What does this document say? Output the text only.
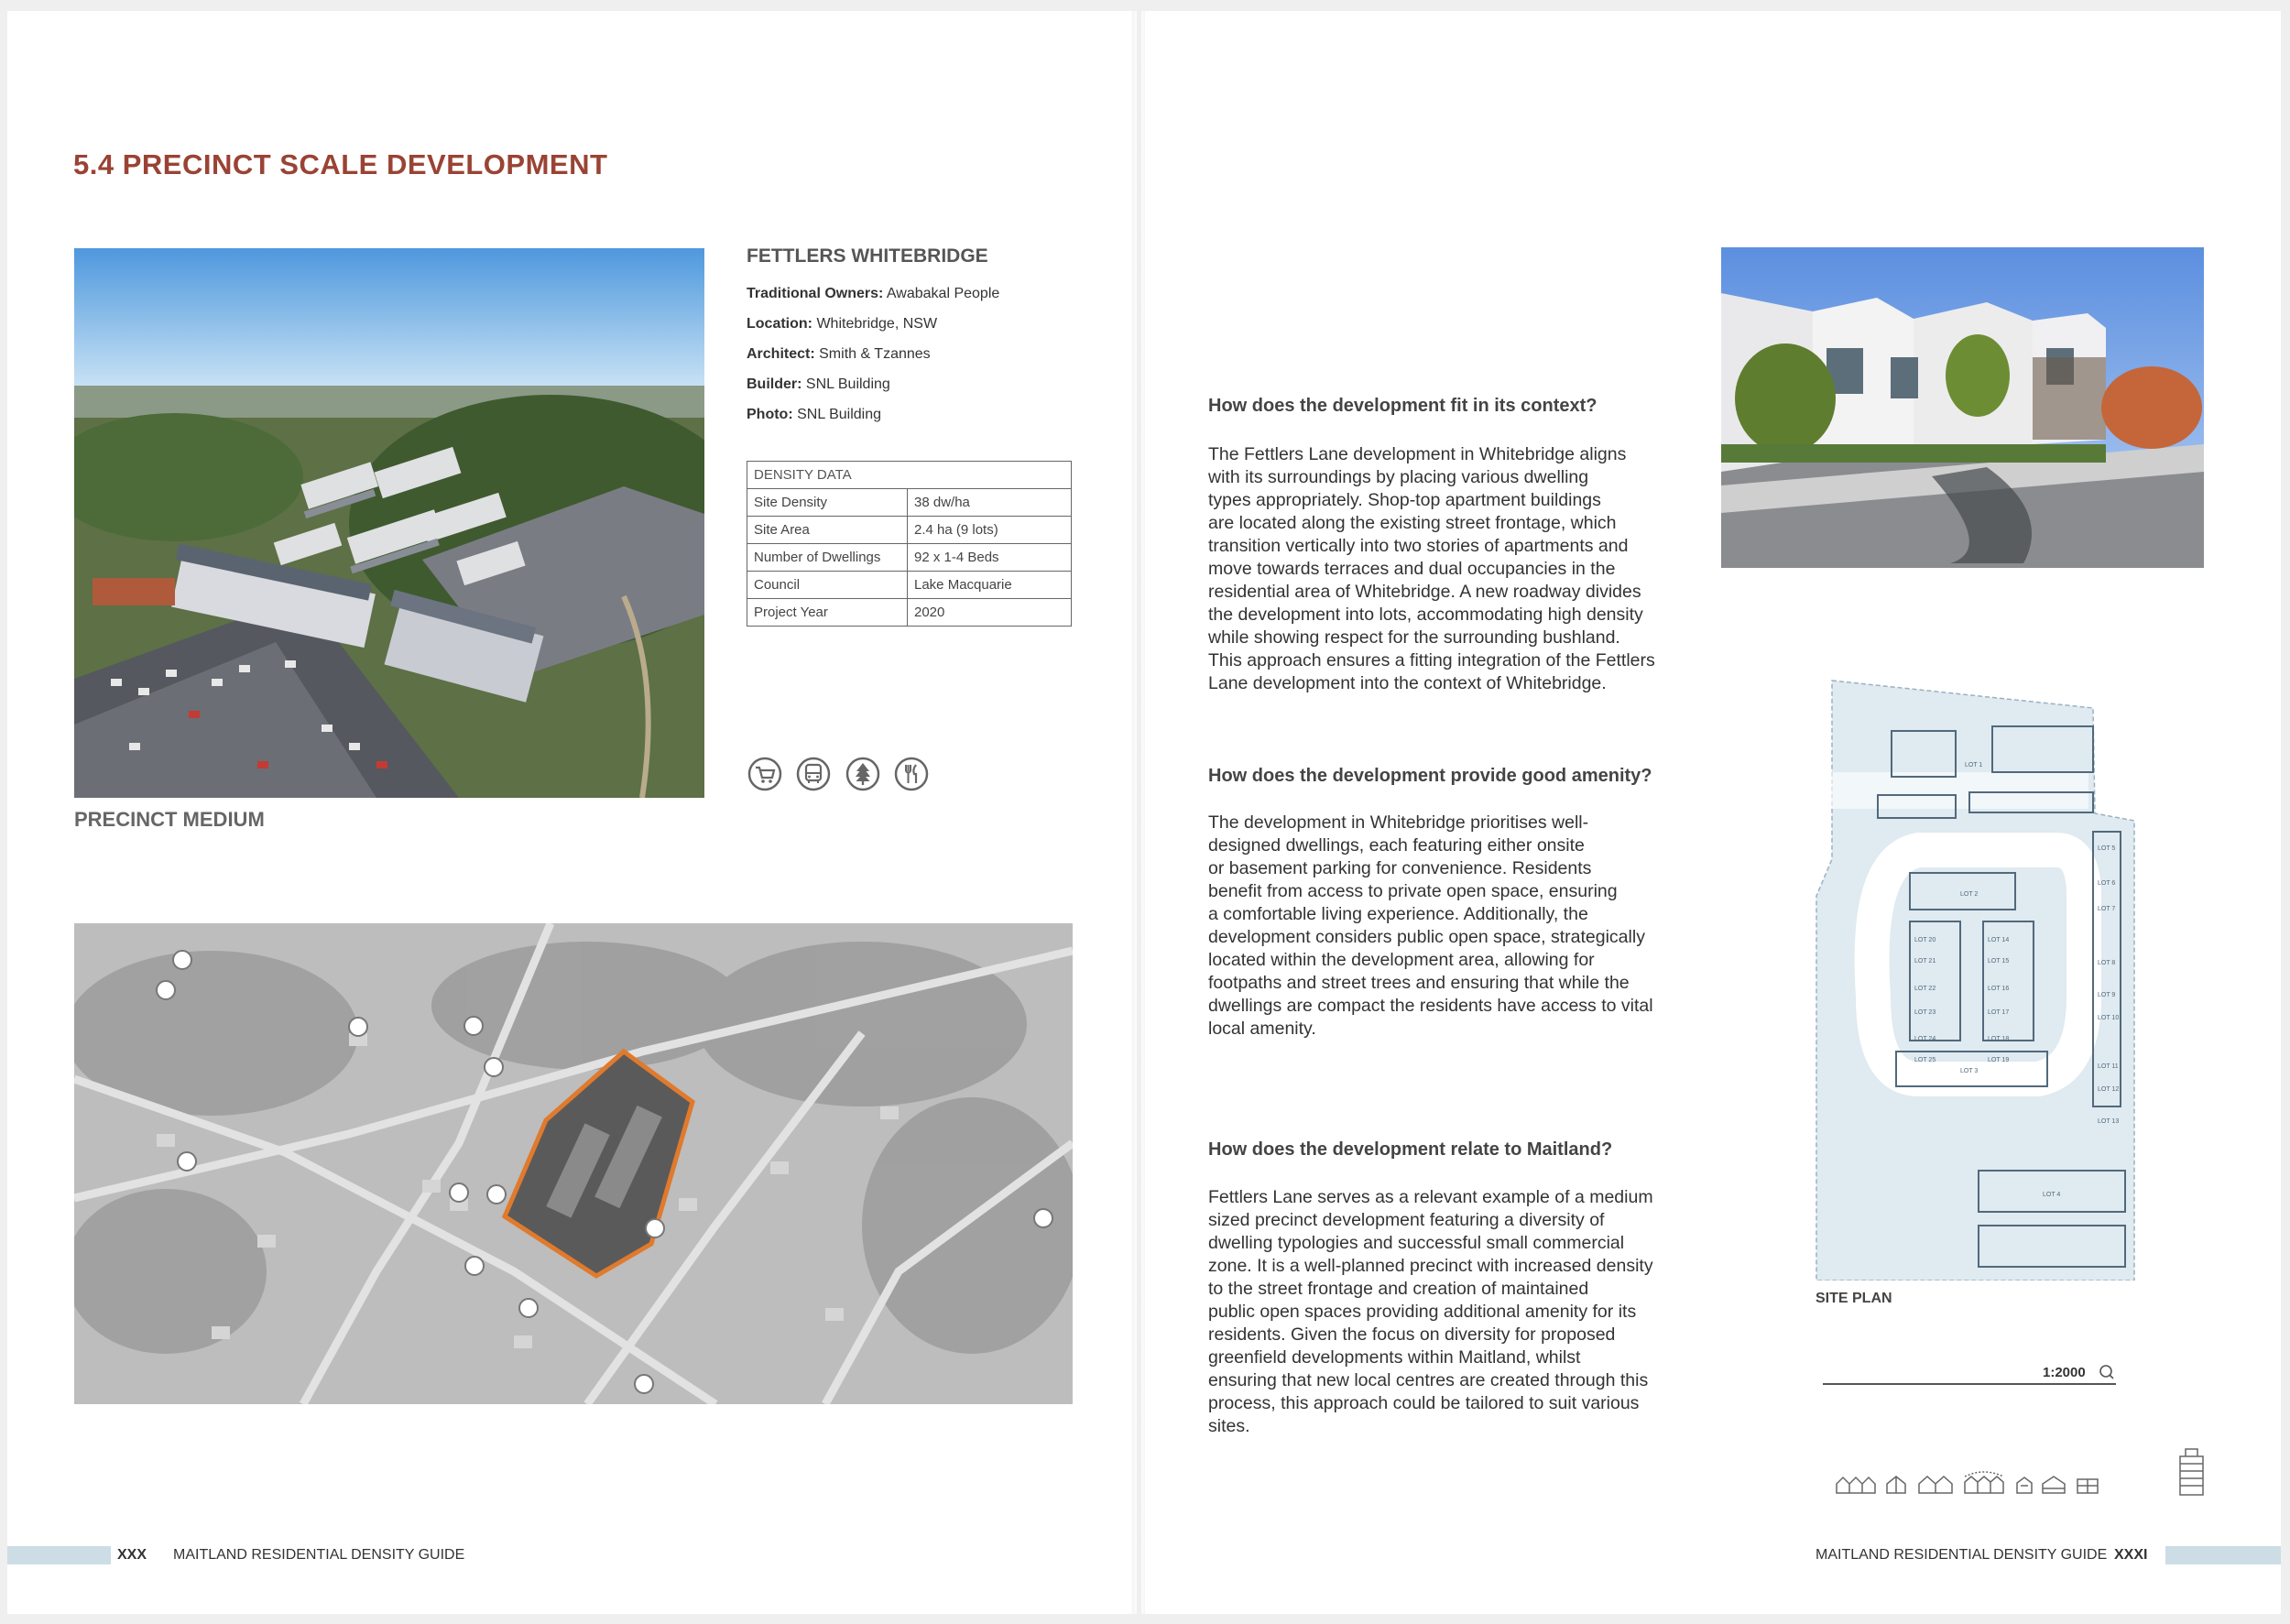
5.4 PRECINCT SCALE DEVELOPMENT
PRECINCT MEDIUM
FETTLERS WHITEBRIDGE
Traditional Owners: Awabakal People
Location: Whitebridge, NSW
Architect: Smith & Tzannes
Builder: SNL Building
Photo: SNL Building
DENSITY DATA	
Site Density	38 dw/ha
Site Area	2.4 ha (9 lots)
Number of Dwellings	92 x 1-4 Beds
Council	Lake Macquarie
Project Year	2020

XXX MAITLAND RESIDENTIAL DENSITY GUIDE
How does the development fit in its context?
The Fettlers Lane development in Whitebridge aligns
with its surroundings by placing various dwelling
types appropriately. Shop-top apartment buildings
are located along the existing street frontage, which
transition vertically into two stories of apartments and
move towards terraces and dual occupancies in the
residential area of Whitebridge. A new roadway divides
the development into lots, accommodating high density
while showing respect for the surrounding bushland.
This approach ensures a fitting integration of the Fettlers
Lane development into the context of Whitebridge.
How does the development provide good amenity?
The development in Whitebridge prioritises well-
designed dwellings, each featuring either onsite
or basement parking for convenience. Residents
benefit from access to private open space, ensuring
a comfortable living experience. Additionally, the
development considers public open space, strategically
located within the development area, allowing for
footpaths and street trees and ensuring that while the
dwellings are compact the residents have access to vital
local amenity.
How does the development relate to Maitland?
Fettlers Lane serves as a relevant example of a medium
sized precinct development featuring a diversity of
dwelling typologies and successful small commercial
zone. It is a well-planned precinct with increased density
to the street frontage and creation of maintained
public open spaces providing additional amenity for its
residents. Given the focus on diversity for proposed
greenfield developments within Maitland, whilst
ensuring that new local centres are created through this
process, this approach could be tailored to suit various
sites.
LOT 1
LOT 2
LOT 3
LOT 4
LOT 5
LOT 6
LOT 7
LOT 8
LOT 9
LOT 10
LOT 11
LOT 12
LOT 13
LOT 14
LOT 15
LOT 16
LOT 17
LOT 18
LOT 19
LOT 20
LOT 21
LOT 22
LOT 23
LOT 24
LOT 25
SITE PLAN
1:2000
MAITLAND RESIDENTIAL DENSITY GUIDE XXXI
